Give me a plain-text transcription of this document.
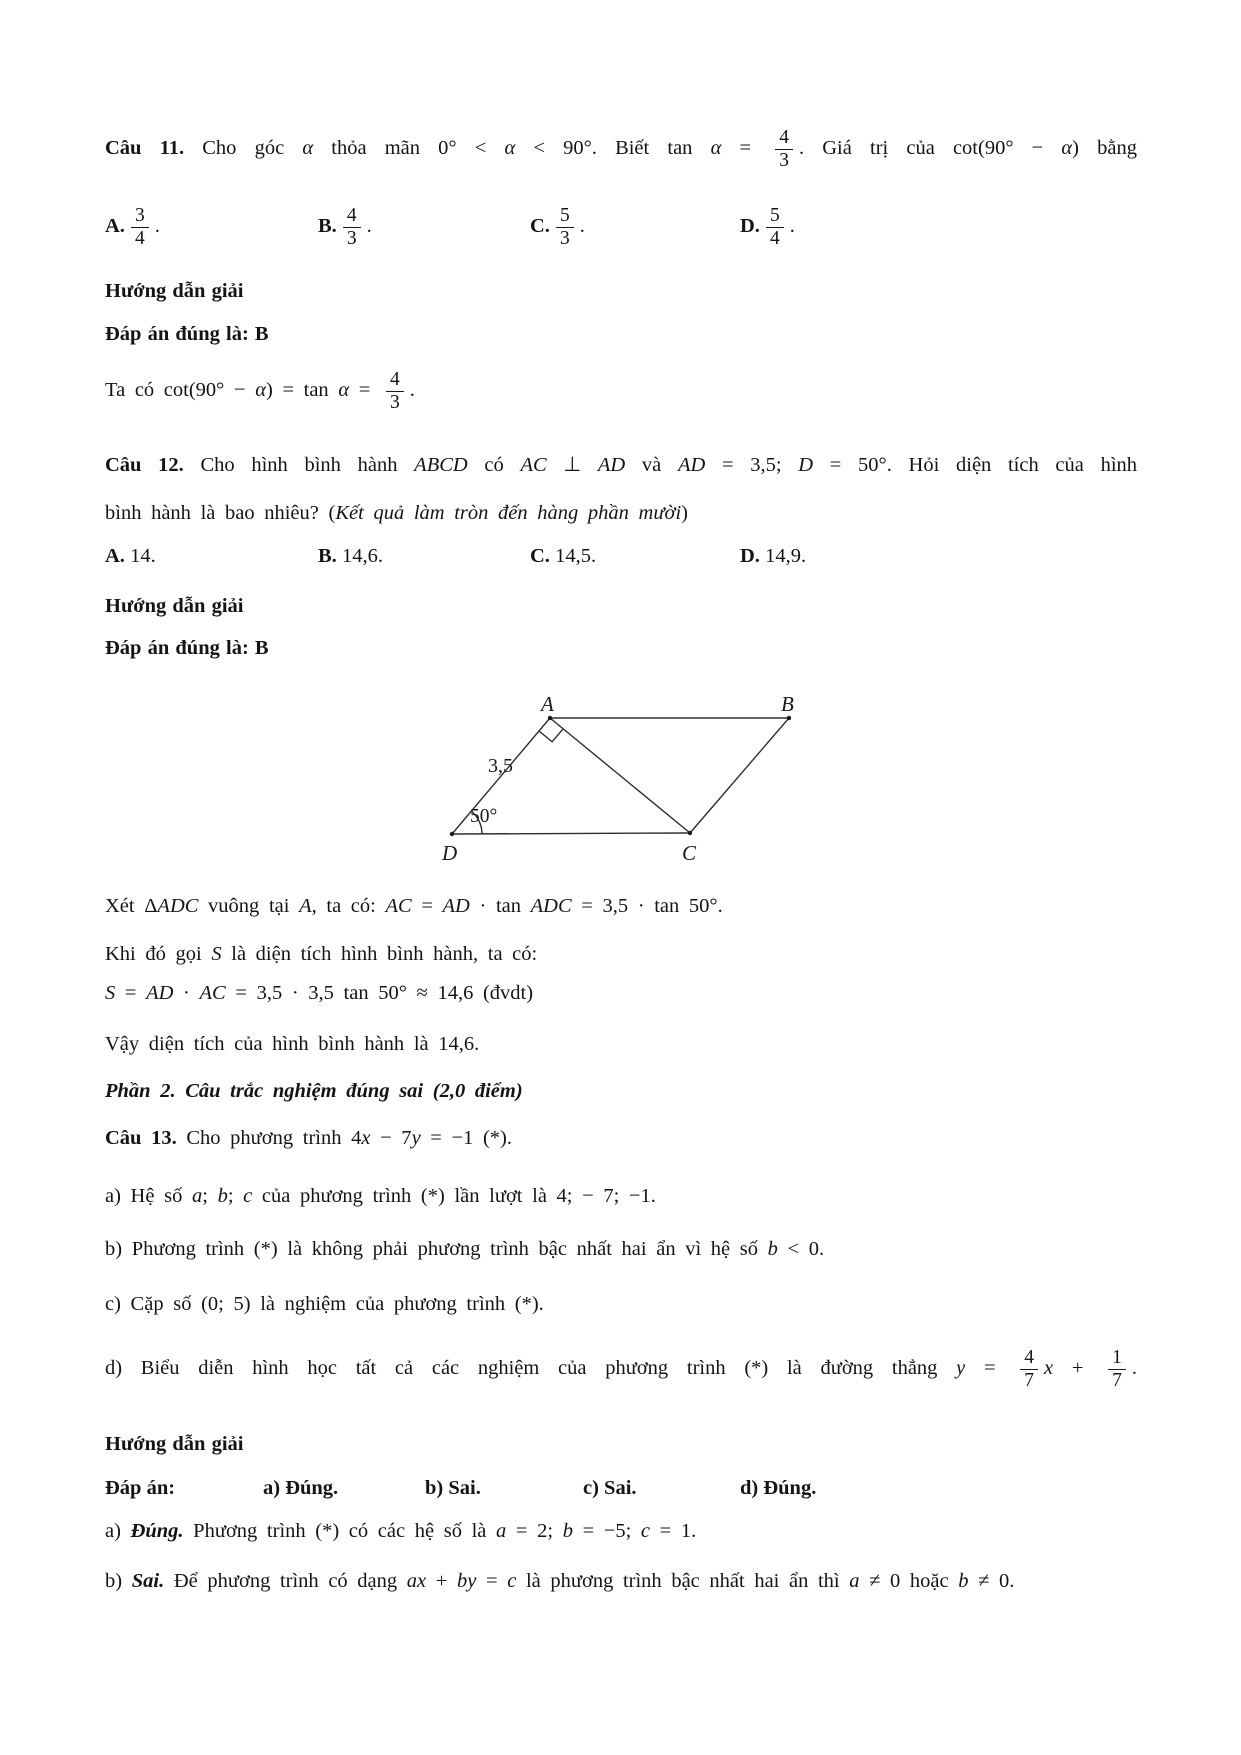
Câu 11. Cho góc α thỏa mãn 0° < α < 90°. Biết $\tan \alpha = \frac{4}{3}$ . Giá trị của cot(90° − α) bằng
A. $\frac{3}{4}$ .	B. $\frac{4}{3}$ .	C. $\frac{5}{3}$ .	D. $\frac{5}{4}$ .
Hướng dẫn giải
Đáp án đúng là: B
Ta có $\cot(90^\circ - \alpha) = \tan \alpha = \frac{4}{3}$ .
Câu 12. Cho hình bình hành ABCD có AC ⊥ AD và AD = 3,5; D = 50°. Hỏi diện tích của hình
bình hành là bao nhiêu? (Kết quả làm tròn đến hàng phần mười)
A. 14.	B. 14,6.	C. 14,5.	D. 14,9.
Hướng dẫn giải
Đáp án đúng là: B
A	B
C
D
3,5
50°
Xét ΔADC vuông tại A, ta có: AC = AD · tan ADC = 3,5 · tan 50°.
Khi đó gọi S là diện tích hình bình hành, ta có:
S = AD · AC = 3,5 · 3,5 tan 50° ≈ 14,6 (đvdt)
Vậy diện tích của hình bình hành là 14,6.
Phần 2. Câu trắc nghiệm đúng sai (2,0 điểm)
Câu 13. Cho phương trình 4x − 7y = −1 (*).
a) Hệ số a; b; c của phương trình (*) lần lượt là 4; − 7; −1.
b) Phương trình (*) là không phải phương trình bậc nhất hai ẩn vì hệ số b < 0.
c) Cặp số (0; 5) là nghiệm của phương trình (*).
d) Biểu diễn hình học tất cả các nghiệm của phương trình (*) là đường thẳng $y = \frac{4}{7}$ $x + \frac{1}{7}$ .
Hướng dẫn giải
Đáp án:	a) Đúng.	b) Sai.	c) Sai.	d) Đúng.
a) Đúng. Phương trình (*) có các hệ số là a = 2; b = −5; c = 1.
b) Sai. Để phương trình có dạng ax + by = c là phương trình bậc nhất hai ẩn thì a ≠ 0 hoặc b ≠ 0.
